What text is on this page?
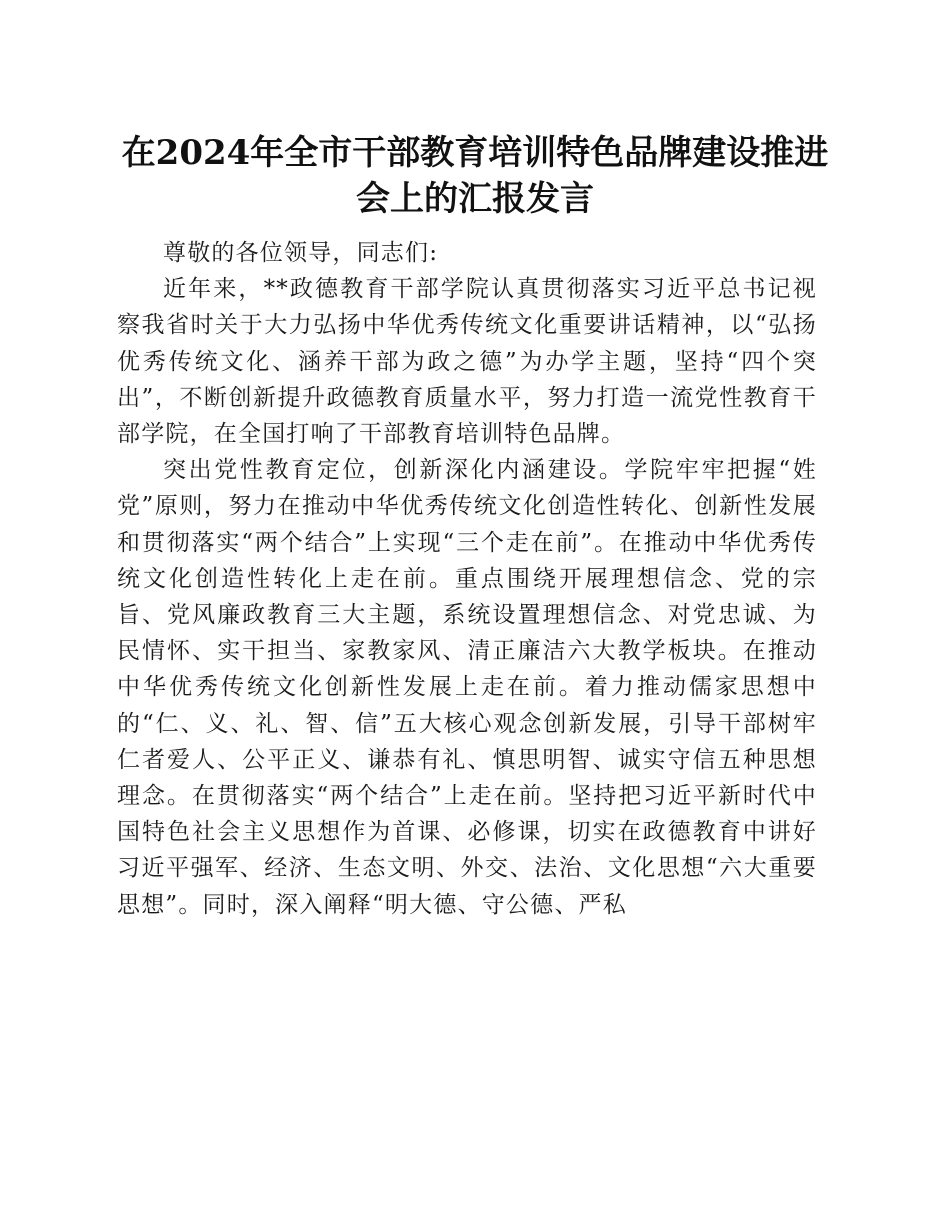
在2024年全市干部教育培训特色品牌建设推进会上的汇报发言

尊敬的各位领导，同志们:

近年来，**政德教育干部学院认真贯彻落实习近平总书记视察我省时关于大力弘扬中华优秀传统文化重要讲话精神，以“弘扬优秀传统文化、涵养干部为政之德”为办学主题，坚持“四个突出”，不断创新提升政德教育质量水平，努力打造一流党性教育干部学院，在全国打响了干部教育培训特色品牌。

突出党性教育定位，创新深化内涵建设。学院牢牢把握“姓党”原则，努力在推动中华优秀传统文化创造性转化、创新性发展和贯彻落实“两个结合”上实现“三个走在前”。在推动中华优秀传统文化创造性转化上走在前。重点围绕开展理想信念、党的宗旨、党风廉政教育三大主题，系统设置理想信念、对党忠诚、为民情怀、实干担当、家教家风、清正廉洁六大教学板块。在推动中华优秀传统文化创新性发展上走在前。着力推动儒家思想中的“仁、义、礼、智、信”五大核心观念创新发展，引导干部树牢仁者爱人、公平正义、谦恭有礼、慎思明智、诚实守信五种思想理念。在贯彻落实“两个结合”上走在前。坚持把习近平新时代中国特色社会主义思想作为首课、必修课，切实在政德教育中讲好习近平强军、经济、生态文明、外交、法治、文化思想“六大重要思想”。同时，深入阐释“明大德、守公德、严私
